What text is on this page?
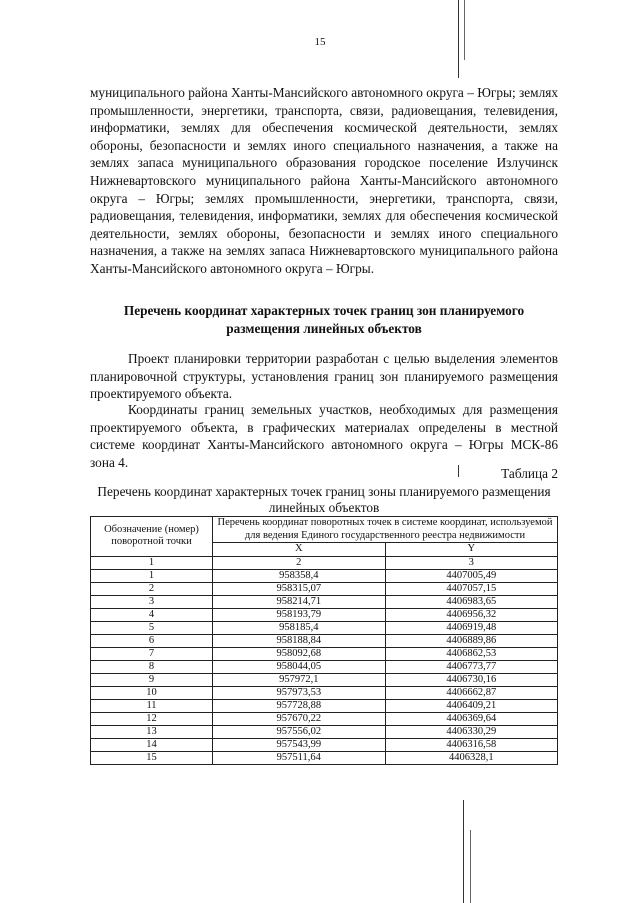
15

муниципального района Ханты-Мансийского автономного округа – Югры; землях промышленности, энергетики, транспорта, связи, радиовещания, телевидения, информатики, землях для обеспечения космической деятельности, землях обороны, безопасности и землях иного специального назначения, а также на землях запаса муниципального образования городское поселение Излучинск Нижневартовского муниципального района Ханты-Мансийского автономного округа – Югры; землях промышленности, энергетики, транспорта, связи, радиовещания, телевидения, информатики, землях для обеспечения космической деятельности, землях обороны, безопасности и землях иного специального назначения, а также на землях запаса Нижневартовского муниципального района Ханты-Мансийского автономного округа – Югры.

Перечень координат характерных точек границ зон планируемого размещения линейных объектов

Проект планировки территории разработан с целью выделения элементов планировочной структуры, установления границ зон планируемого размещения проектируемого объекта.

Координаты границ земельных участков, необходимых для размещения проектируемого объекта, в графических материалах определены в местной системе координат Ханты-Мансийского автономного округа – Югры МСК-86 зона 4.

Таблица 2

Перечень координат характерных точек границ зоны планируемого размещения линейных объектов

Обозначение (номер) поворотной точки	Перечень координат поворотных точек в системе координат, используемой для ведения Единого государственного реестра недвижимости	
	X	Y
1	2	3
1	958358,4	4407005,49
2	958315,07	4407057,15
3	958214,71	4406983,65
4	958193,79	4406956,32
5	958185,4	4406919,48
6	958188,84	4406889,86
7	958092,68	4406862,53
8	958044,05	4406773,77
9	957972,1	4406730,16
10	957973,53	4406662,87
11	957728,88	4406409,21
12	957670,22	4406369,64
13	957556,02	4406330,29
14	957543,99	4406316,58
15	957511,64	4406328,1
